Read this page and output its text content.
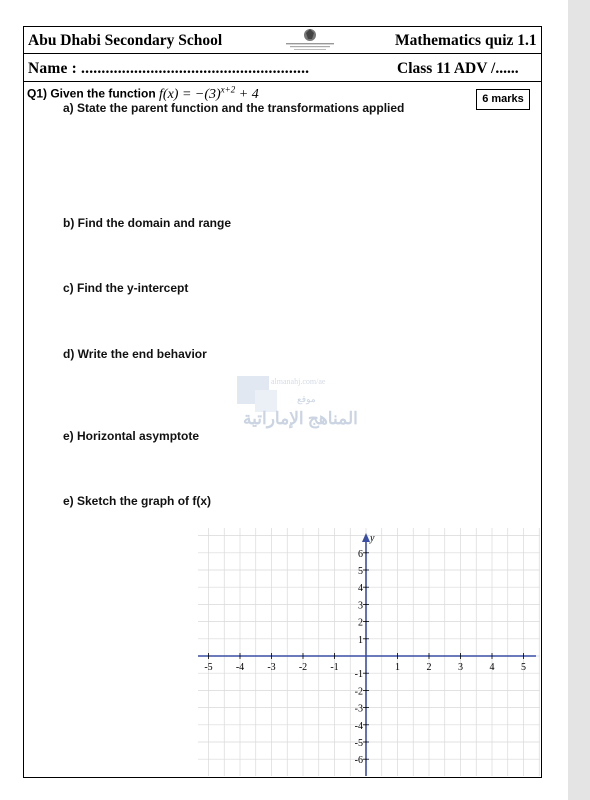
Abu Dhabi Secondary School	Mathematics quiz 1.1
Name : ........................................................	Class 11 ADV /......
Q1) Given the function $f(x) = -(3)^{x+2} + 4$	6 marks
a) State the parent function and the transformations applied
b) Find the domain and range
c) Find the y-intercept
d) Write the end behavior
e) Horizontal asymptote
e) Sketch the graph of f(x)
almanahj.com/ae
موقع
المناهج الإماراتية
y
-5 -4 -3 -2 -1	1	2	3	4	5
6
5
4
3
2
1
-1
-2
-3
-4
-5
-6
